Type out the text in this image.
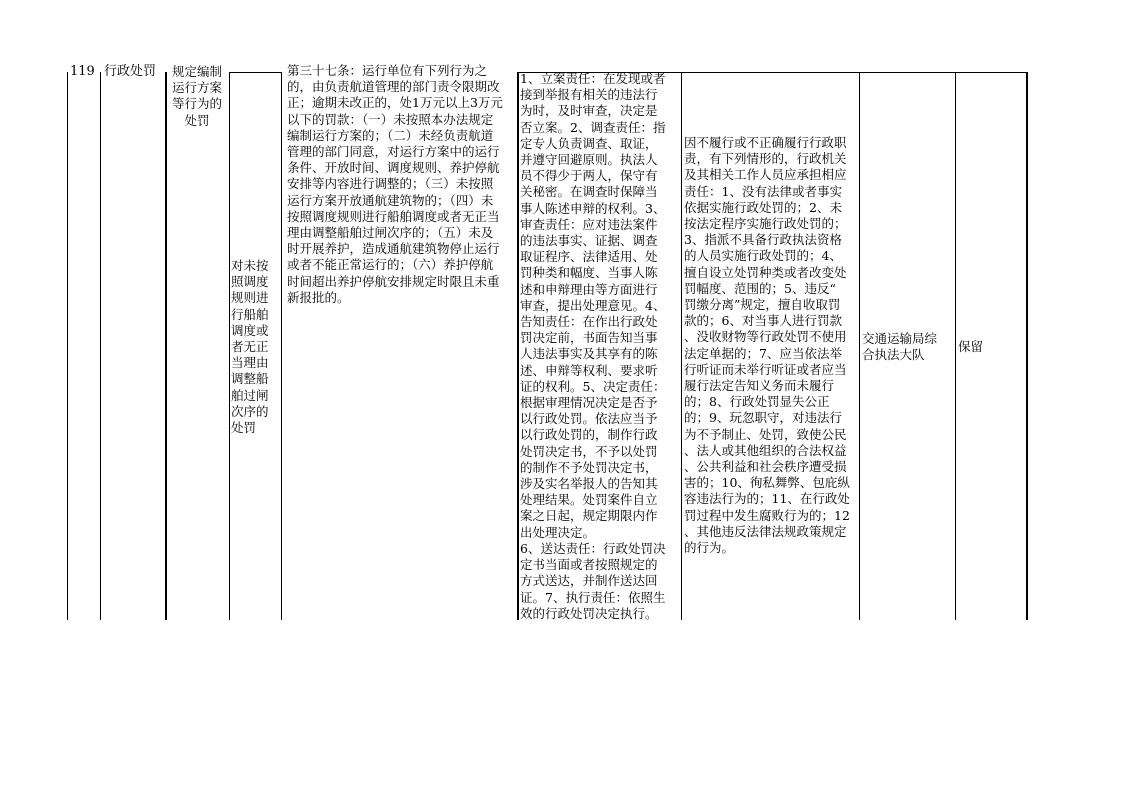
119 行政处罚	规定编制
运行方案
等行为的
处罚
对未按
照调度
规则进
行船舶
调度或
者无正
当理由
调整船
舶过闸
次序的
处罚
第三十七条：运行单位有下列行为之
的，由负责航道管理的部门责令限期改
正；逾期未改正的，处1万元以上3万元
以下的罚款：（一）未按照本办法规定
编制运行方案的；（二）未经负责航道
管理的部门同意，对运行方案中的运行
条件、开放时间、调度规则、养护停航
安排等内容进行调整的；（三）未按照
运行方案开放通航建筑物的；（四）未
按照调度规则进行船舶调度或者无正当
理由调整船舶过闸次序的；（五）未及
时开展养护，造成通航建筑物停止运行
或者不能正常运行的；（六）养护停航
时间超出养护停航安排规定时限且未重
新报批的。
1、立案责任：在发现或者
接到举报有相关的违法行
为时，及时审查，决定是
否立案。2、调查责任：指
定专人负责调查、取证，
并遵守回避原则。执法人
员不得少于两人，保守有
关秘密。在调查时保障当
事人陈述申辩的权利。3、
审查责任：应对违法案件
的违法事实、证据、调查
取证程序、法律适用、处
罚种类和幅度、当事人陈
述和申辩理由等方面进行
审查，提出处理意见。4、
告知责任：在作出行政处
罚决定前，书面告知当事
人违法事实及其享有的陈
述、申辩等权利、要求听
证的权利。5、决定责任：
根据审理情况决定是否予
以行政处罚。依法应当予
以行政处罚的，制作行政
处罚决定书，不予以处罚
的制作不予处罚决定书，
涉及实名举报人的告知其
处理结果。处罚案件自立
案之日起，规定期限内作
出处理决定。
6、送达责任：行政处罚决
定书当面或者按照规定的
方式送达，并制作送达回
证。7、执行责任：依照生
效的行政处罚决定执行。
因不履行或不正确履行行政职
责，有下列情形的，行政机关
及其相关工作人员应承担相应
责任：1、没有法律或者事实
依据实施行政处罚的；2、未
按法定程序实施行政处罚的；
3、指派不具备行政执法资格
的人员实施行政处罚的；4、
擅自设立处罚种类或者改变处
罚幅度、范围的；5、违反“
罚缴分离”规定，擅自收取罚
款的；6、对当事人进行罚款
、没收财物等行政处罚不使用
法定单据的；7、应当依法举
行听证而未举行听证或者应当
履行法定告知义务而未履行
的；8、行政处罚显失公正
的；9、玩忽职守，对违法行
为不予制止、处罚，致使公民
、法人或其他组织的合法权益
、公共利益和社会秩序遭受损
害的；10、徇私舞弊、包庇纵
容违法行为的；11、在行政处
罚过程中发生腐败行为的；12
、其他违反法律法规政策规定
的行为。
交通运输局综
合执法大队
保留
